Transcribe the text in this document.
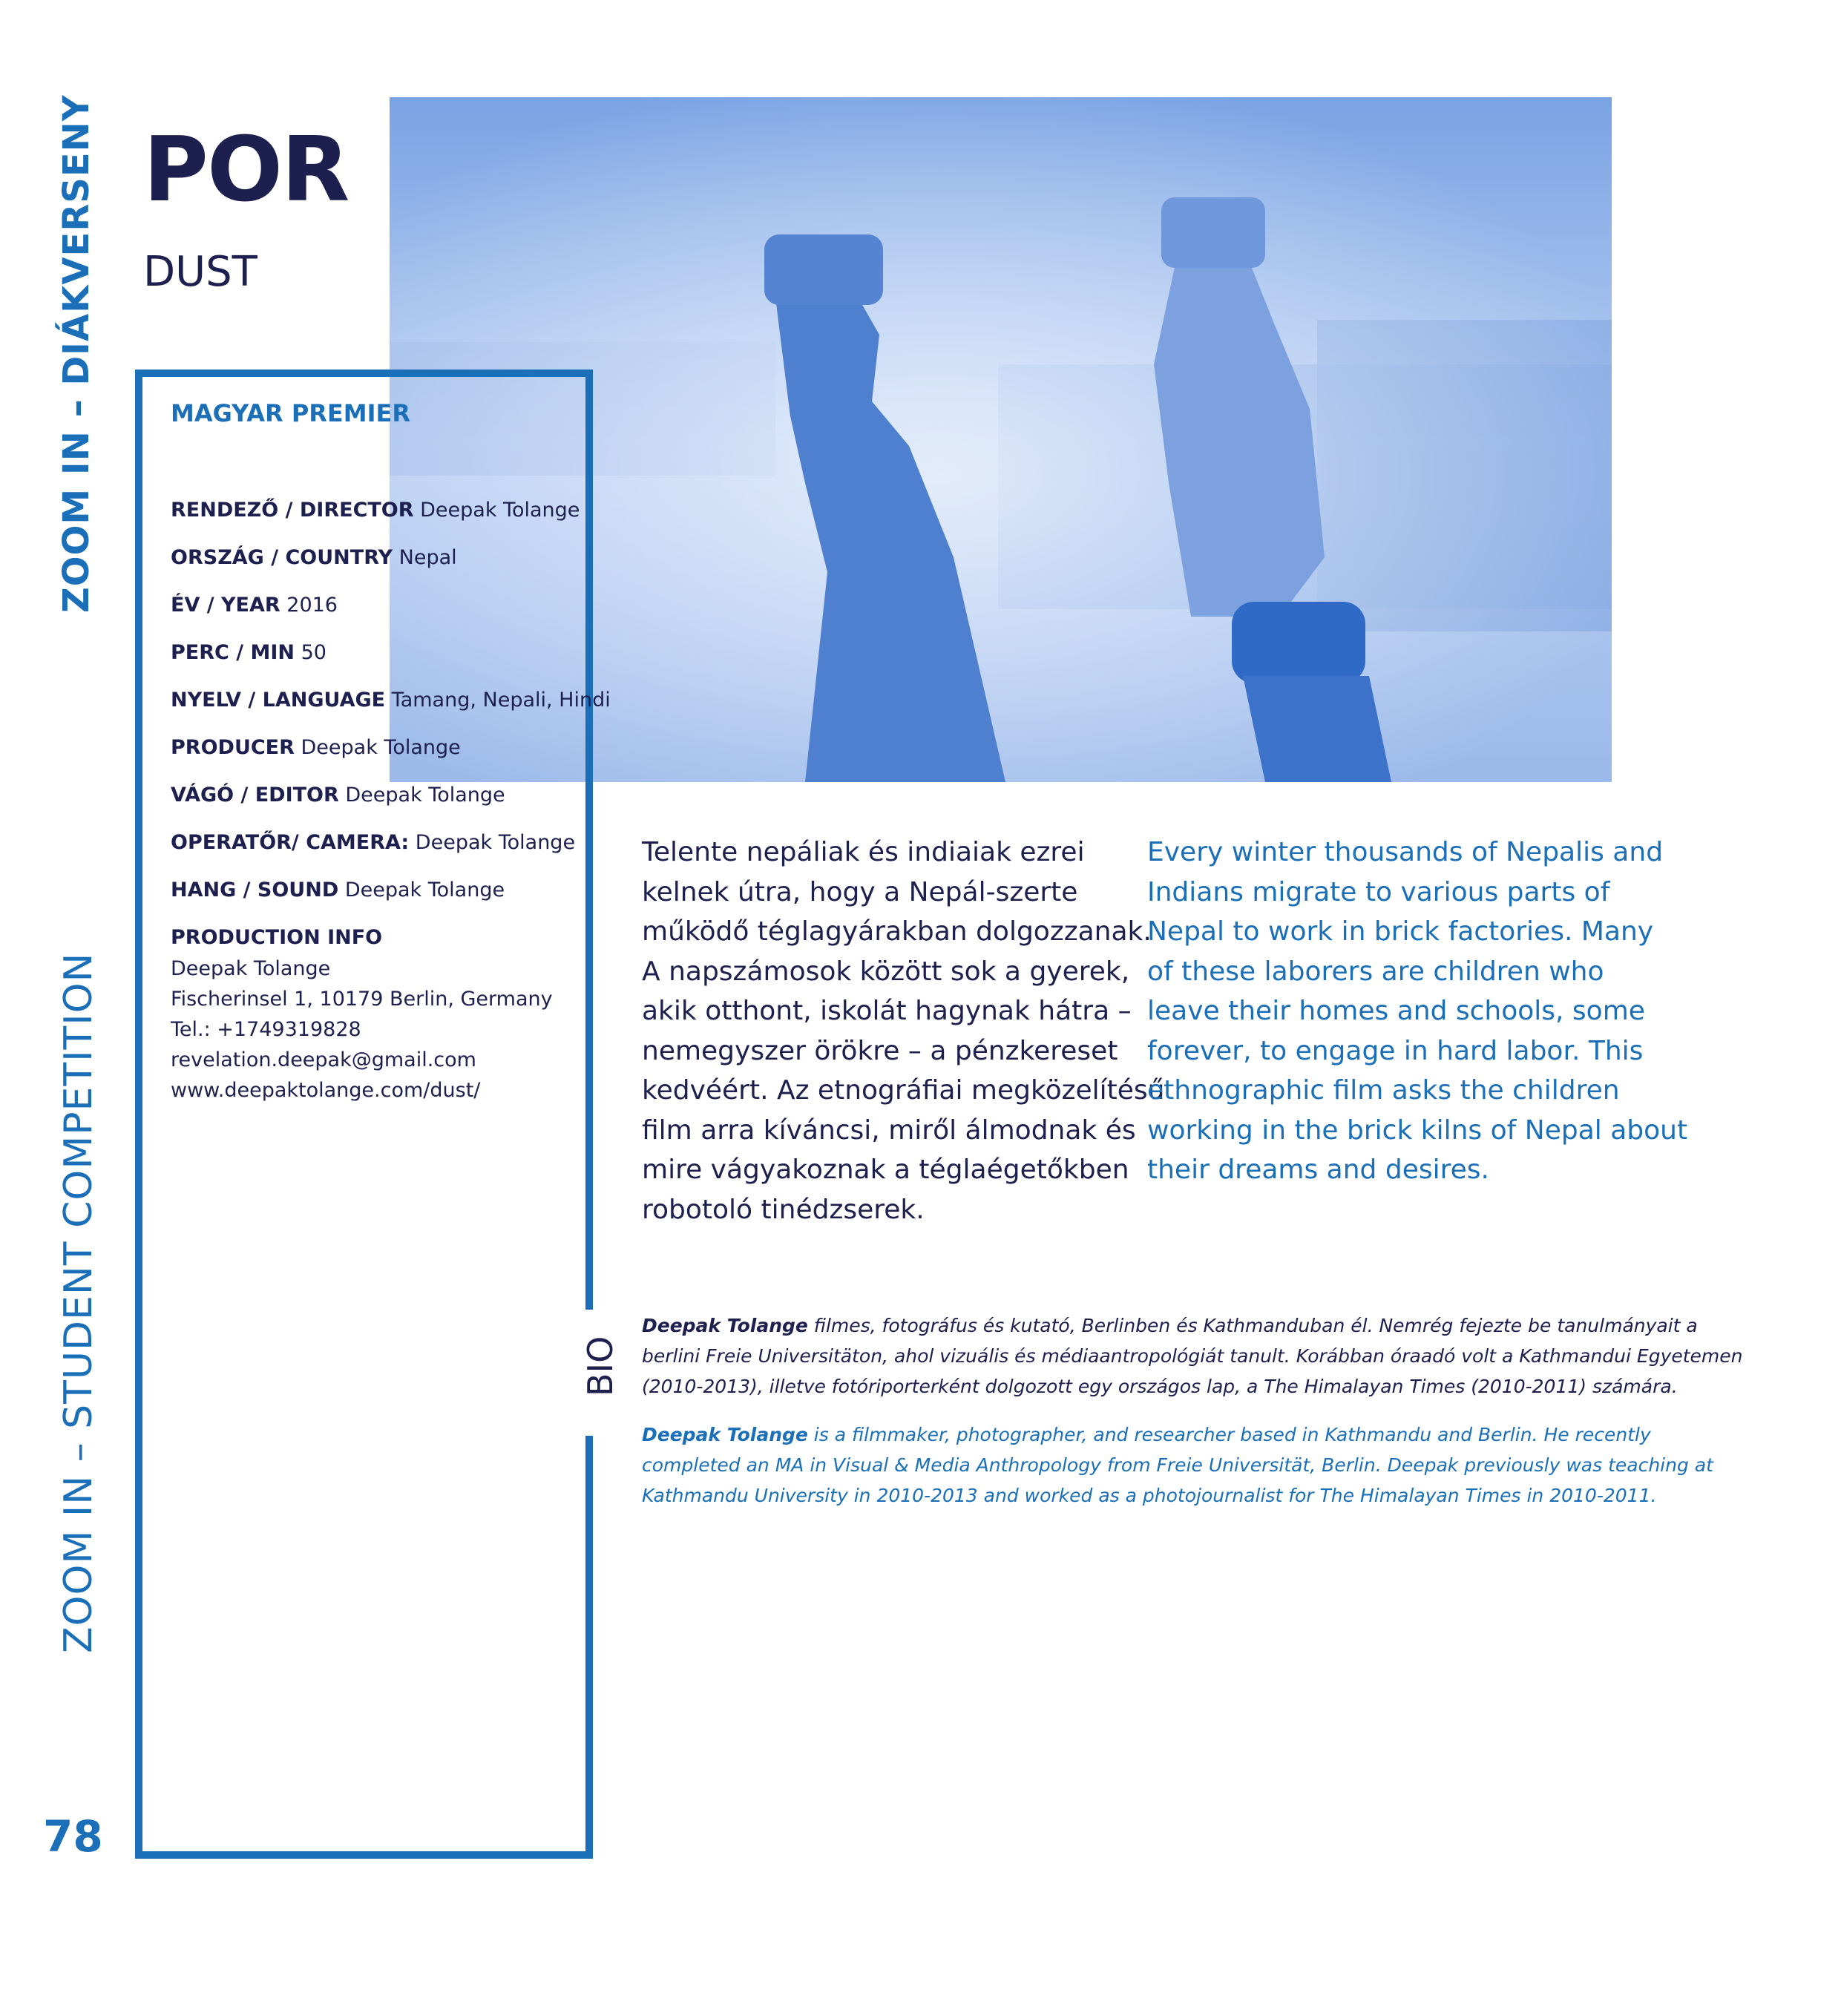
ZOOM IN – DIÁKVERSENY
ZOOM IN – STUDENT COMPETITION
78
POR
DUST
BIO
MAGYAR PREMIER
RENDEZŐ / DIRECTOR Deepak Tolange
ORSZÁG / COUNTRY Nepal
ÉV / YEAR 2016
PERC / MIN 50
NYELV / LANGUAGE Tamang, Nepali, Hindi
PRODUCER Deepak Tolange
VÁGÓ / EDITOR Deepak Tolange
OPERATŐR/ CAMERA: Deepak Tolange
HANG / SOUND Deepak Tolange
PRODUCTION INFO
Deepak Tolange
Fischerinsel 1, 10179 Berlin, Germany
Tel.: +1749319828
revelation.deepak@gmail.com
www.deepaktolange.com/dust/
Telente nepáliak és indiaiak ezrei
kelnek útra, hogy a Nepál-szerte
működő téglagyárakban dolgozzanak.
A napszámosok között sok a gyerek,
akik otthont, iskolát hagynak hátra –
nemegyszer örökre – a pénzkereset
kedvéért. Az etnográfiai megközelítésű
film arra kíváncsi, miről álmodnak és
mire vágyakoznak a téglaégetőkben
robotoló tinédzserek.
Every winter thousands of Nepalis and
Indians migrate to various parts of
Nepal to work in brick factories. Many
of these laborers are children who
leave their homes and schools, some
forever, to engage in hard labor. This
ethnographic film asks the children
working in the brick kilns of Nepal about
their dreams and desires.
Deepak Tolange filmes, fotográfus és kutató, Berlinben és Kathmanduban él. Nemrég fejezte be tanulmányait a
berlini Freie Universitäton, ahol vizuális és médiaantropológiát tanult. Korábban óraadó volt a Kathmandui Egyetemen
(2010-2013), illetve fotóriporterként dolgozott egy országos lap, a The Himalayan Times (2010-2011) számára.
Deepak Tolange is a filmmaker, photographer, and researcher based in Kathmandu and Berlin. He recently
completed an MA in Visual & Media Anthropology from Freie Universität, Berlin. Deepak previously was teaching at
Kathmandu University in 2010-2013 and worked as a photojournalist for The Himalayan Times in 2010-2011.
